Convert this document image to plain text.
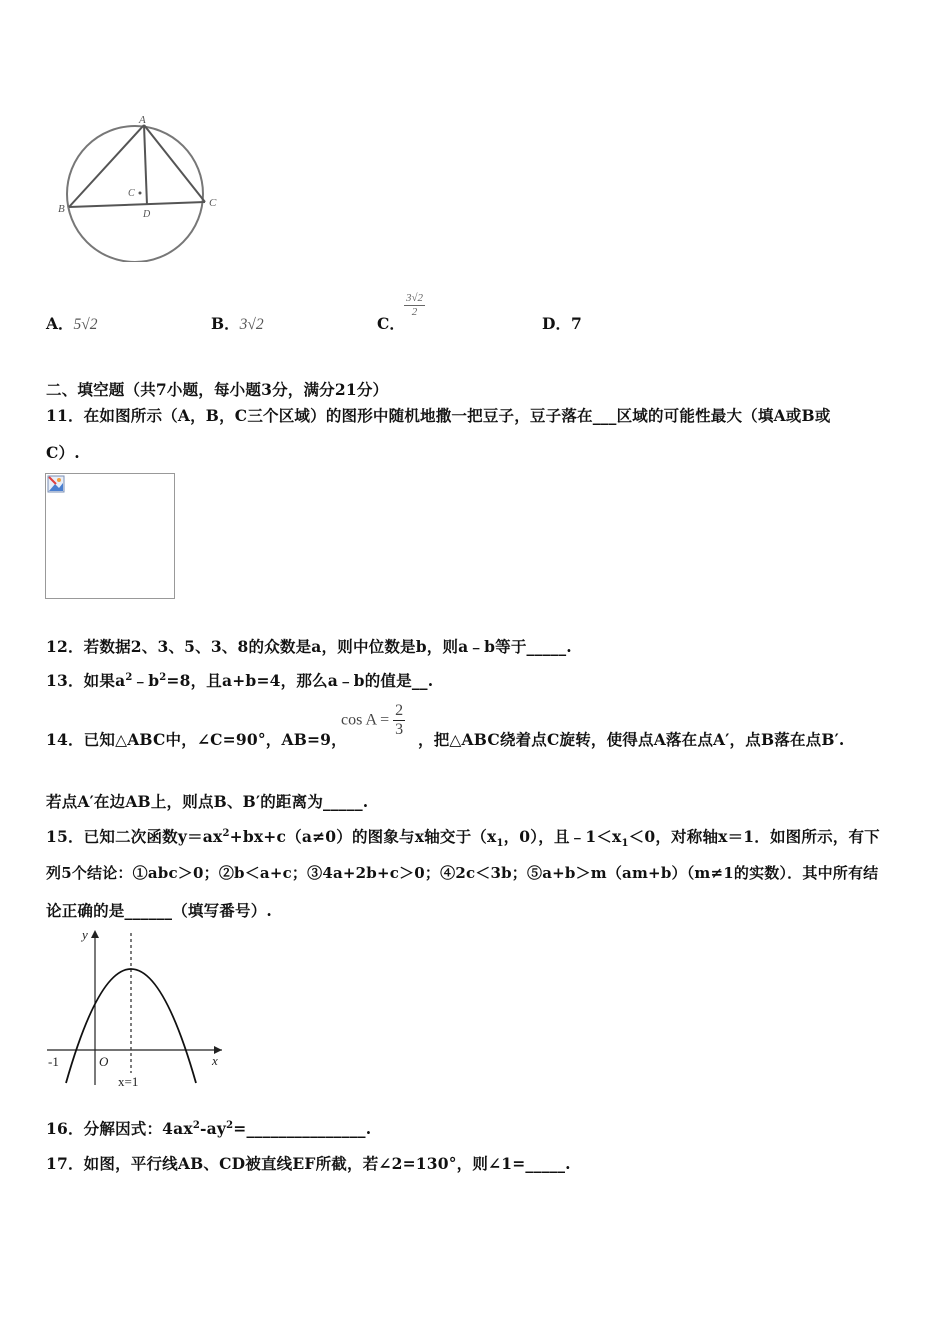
A
B	C
D
C
A．5√2	B．3√2	C．
$\frac{3√2}{2}$
D．7
二、填空题（共7小题，每小题3分，满分21分）
11．在如图所示（A，B，C三个区域）的图形中随机地撒一把豆子，豆子落在___区域的可能性最大（填A或B或
C）.
12．若数据2、3、5、3、8的众数是a，则中位数是b，则a﹣b等于_____.
13．如果$a^2﹣b^2=8$，且a+b=4，那么a﹣b的值是__.
14．已知△ABC中，∠C=90°，AB=9，
$\cos A = \frac{2}{3}$
，把△ABC绕着点C旋转，使得点A落在点A′，点B落在点B′.
若点A′在边AB上，则点B、B′的距离为_____.
15．已知二次函数$y=ax^2+bx+c(a\ne 0)$的图象与x轴交于（$x_1$，0），且$﹣1<x_1<0$，对称轴x＝1．如图所示，有下
列5个结论：①abc＞0；②b＜a+c；③4a+2b+c＞0；④2c＜3b；⑤a+b＞m（am+b）（m≠1的实数）．其中所有结
论正确的是______（填写番号）.
y
x
O
-1
x=1
16．分解因式：$4ax^2-ay^2=\_\_\_\_\_\_\_\_\_\_\_\_\_\_\_$.
17．如图，平行线AB、CD被直线EF所截，若∠2=130°，则∠1=_____.
